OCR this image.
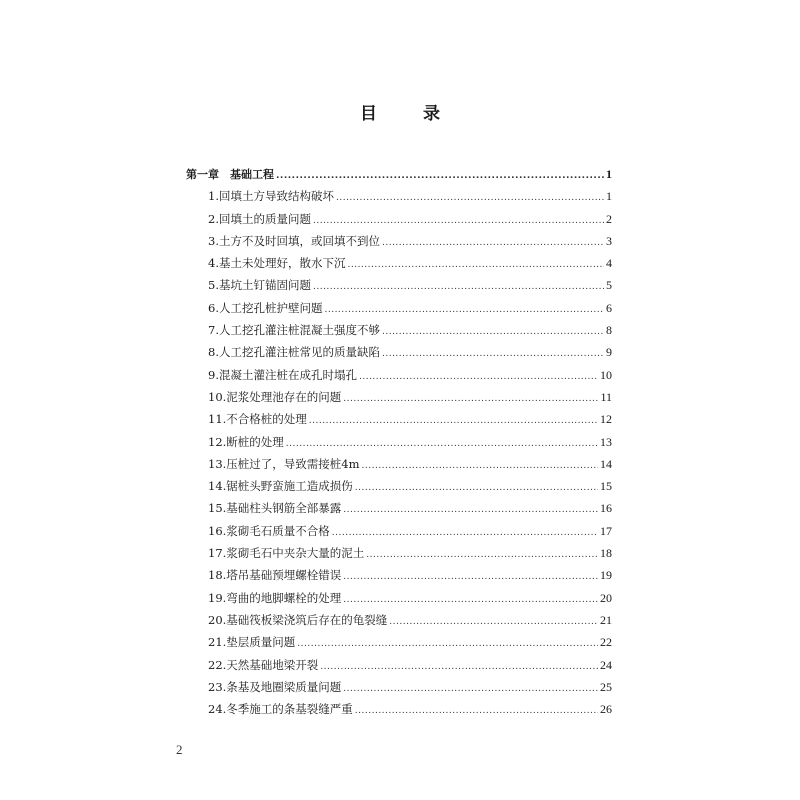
目 录
第一章　基础工程 .....	1
1.回填土方导致结构破坏 .....	1
2.回填土的质量问题 .....	2
3.土方不及时回填，或回填不到位 .....	3
4.基土未处理好，散水下沉 .....	4
5.基坑土钉锚固问题 .....	5
6.人工挖孔桩护壁问题 .....	6
7.人工挖孔灌注桩混凝土强度不够 .....	8
8.人工挖孔灌注桩常见的质量缺陷 .....	9
9.混凝土灌注桩在成孔时塌孔 .....	10
10.泥浆处理池存在的问题 .....	11
11.不合格桩的处理 .....	12
12.断桩的处理 .....	13
13.压桩过了，导致需接桩4m .....	14
14.锯桩头野蛮施工造成损伤 .....	15
15.基础柱头钢筋全部暴露 .....	16
16.浆砌毛石质量不合格 .....	17
17.浆砌毛石中夹杂大量的泥土 .....	18
18.塔吊基础预埋螺栓错误 .....	19
19.弯曲的地脚螺栓的处理 .....	20
20.基础筏板梁浇筑后存在的龟裂缝 .....	21
21.垫层质量问题 .....	22
22.天然基础地梁开裂 .....	24
23.条基及地圈梁质量问题 .....	25
24.冬季施工的条基裂缝严重 .....	26
2
